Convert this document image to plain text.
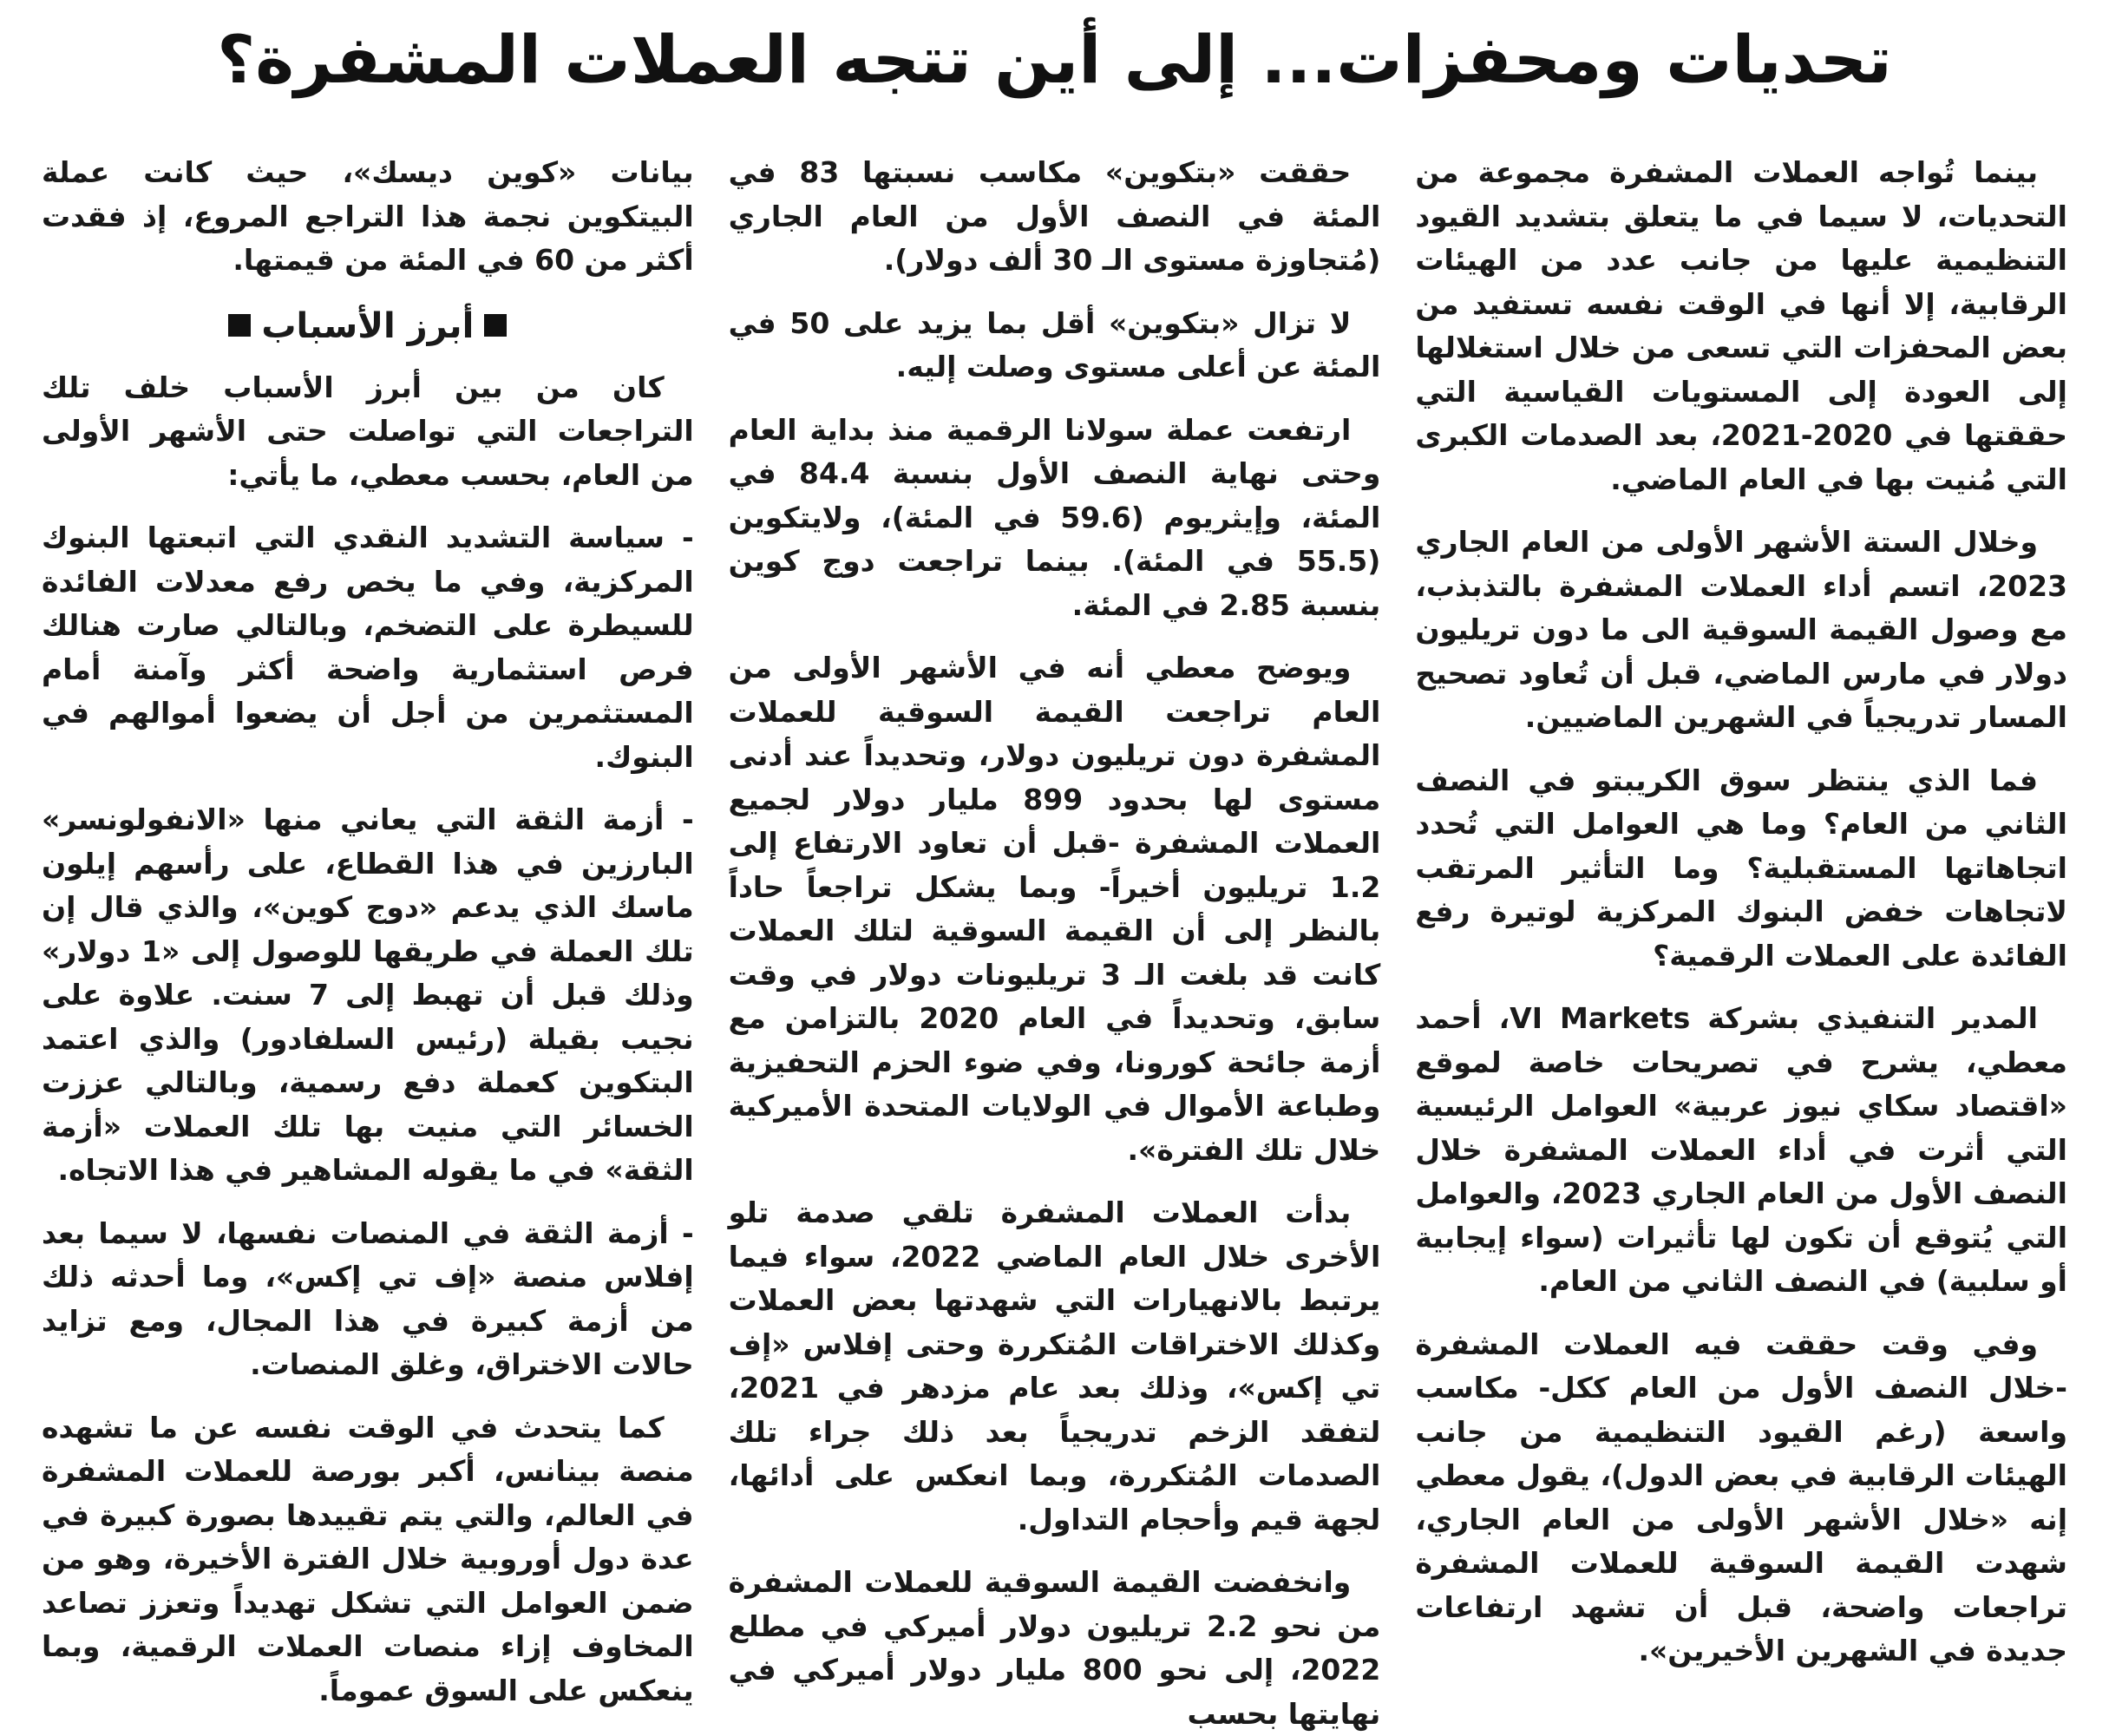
تحديات ومحفزات... إلى أين تتجه العملات المشفرة؟

بينما تُواجه العملات المشفرة مجموعة من التحديات، لا سيما في ما يتعلق بتشديد القيود التنظيمية عليها من جانب عدد من الهيئات الرقابية، إلا أنها في الوقت نفسه تستفيد من بعض المحفزات التي تسعى من خلال استغلالها إلى العودة إلى المستويات القياسية التي حققتها في 2020-2021، بعد الصدمات الكبرى التي مُنيت بها في العام الماضي.

وخلال الستة الأشهر الأولى من العام الجاري 2023، اتسم أداء العملات المشفرة بالتذبذب، مع وصول القيمة السوقية الى ما دون تريليون دولار في مارس الماضي، قبل أن تُعاود تصحيح المسار تدريجياً في الشهرين الماضيين.

فما الذي ينتظر سوق الكريبتو في النصف الثاني من العام؟ وما هي العوامل التي تُحدد اتجاهاتها المستقبلية؟ وما التأثير المرتقب لاتجاهات خفض البنوك المركزية لوتيرة رفع الفائدة على العملات الرقمية؟

المدير التنفيذي بشركة VI Markets، أحمد معطي، يشرح في تصريحات خاصة لموقع «اقتصاد سكاي نيوز عربية» العوامل الرئيسية التي أثرت في أداء العملات المشفرة خلال النصف الأول من العام الجاري 2023، والعوامل التي يُتوقع أن تكون لها تأثيرات (سواء إيجابية أو سلبية) في النصف الثاني من العام.

وفي وقت حققت فيه العملات المشفرة -خلال النصف الأول من العام ككل- مكاسب واسعة (رغم القيود التنظيمية من جانب الهيئات الرقابية في بعض الدول)، يقول معطي إنه «خلال الأشهر الأولى من العام الجاري، شهدت القيمة السوقية للعملات المشفرة تراجعات واضحة، قبل أن تشهد ارتفاعات جديدة في الشهرين الأخيرين».

حققت «بتكوين» مكاسب نسبتها 83 في المئة في النصف الأول من العام الجاري (مُتجاوزة مستوى الـ 30 ألف دولار).

لا تزال «بتكوين» أقل بما يزيد على 50 في المئة عن أعلى مستوى وصلت إليه.

ارتفعت عملة سولانا الرقمية منذ بداية العام وحتى نهاية النصف الأول بنسبة 84.4 في المئة، وإيثريوم (59.6 في المئة)، ولايتكوين (55.5 في المئة). بينما تراجعت دوج كوين بنسبة 2.85 في المئة.

ويوضح معطي أنه في الأشهر الأولى من العام تراجعت القيمة السوقية للعملات المشفرة دون تريليون دولار، وتحديداً عند أدنى مستوى لها بحدود 899 مليار دولار لجميع العملات المشفرة -قبل أن تعاود الارتفاع إلى 1.2 تريليون أخيراً- وبما يشكل تراجعاً حاداً بالنظر إلى أن القيمة السوقية لتلك العملات كانت قد بلغت الـ 3 تريليونات دولار في وقت سابق، وتحديداً في العام 2020 بالتزامن مع أزمة جائحة كورونا، وفي ضوء الحزم التحفيزية وطباعة الأموال في الولايات المتحدة الأميركية خلال تلك الفترة».

بدأت العملات المشفرة تلقي صدمة تلو الأخرى خلال العام الماضي 2022، سواء فيما يرتبط بالانهيارات التي شهدتها بعض العملات وكذلك الاختراقات المُتكررة وحتى إفلاس «إف تي إكس»، وذلك بعد عام مزدهر في 2021، لتفقد الزخم تدريجياً بعد ذلك جراء تلك الصدمات المُتكررة، وبما انعكس على أدائها، لجهة قيم وأحجام التداول.

وانخفضت القيمة السوقية للعملات المشفرة من نحو 2.2 تريليون دولار أميركي في مطلع 2022، إلى نحو 800 مليار دولار أميركي في نهايتها بحسب

بيانات «كوين ديسك»، حيث كانت عملة البيتكوين نجمة هذا التراجع المروع، إذ فقدت أكثر من 60 في المئة من قيمتها.

أبرز الأسباب

كان من بين أبرز الأسباب خلف تلك التراجعات التي تواصلت حتى الأشهر الأولى من العام، بحسب معطي، ما يأتي:

- سياسة التشديد النقدي التي اتبعتها البنوك المركزية، وفي ما يخص رفع معدلات الفائدة للسيطرة على التضخم، وبالتالي صارت هنالك فرص استثمارية واضحة أكثر وآمنة أمام المستثمرين من أجل أن يضعوا أموالهم في البنوك.

- أزمة الثقة التي يعاني منها «الانفولونسر» البارزين في هذا القطاع، على رأسهم إيلون ماسك الذي يدعم «دوج كوين»، والذي قال إن تلك العملة في طريقها للوصول إلى «1 دولار» وذلك قبل أن تهبط إلى 7 سنت. علاوة على نجيب بقيلة (رئيس السلفادور) والذي اعتمد البتكوين كعملة دفع رسمية، وبالتالي عززت الخسائر التي منيت بها تلك العملات «أزمة الثقة» في ما يقوله المشاهير في هذا الاتجاه.

- أزمة الثقة في المنصات نفسها، لا سيما بعد إفلاس منصة «إف تي إكس»، وما أحدثه ذلك من أزمة كبيرة في هذا المجال، ومع تزايد حالات الاختراق، وغلق المنصات.

كما يتحدث في الوقت نفسه عن ما تشهده منصة بينانس، أكبر بورصة للعملات المشفرة في العالم، والتي يتم تقييدها بصورة كبيرة في عدة دول أوروبية خلال الفترة الأخيرة، وهو من ضمن العوامل التي تشكل تهديداً وتعزز تصاعد المخاوف إزاء منصات العملات الرقمية، وبما ينعكس على السوق عموماً.
